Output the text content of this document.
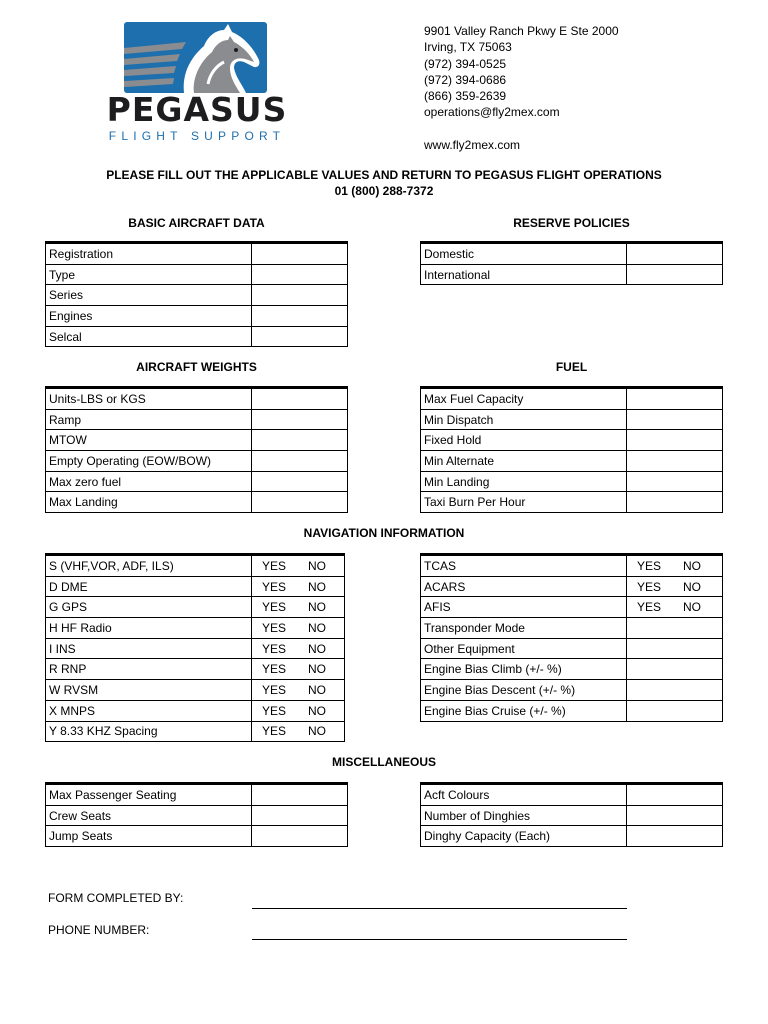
PEGASUS
FLIGHT SUPPORT
9901 Valley Ranch Pkwy E Ste 2000
Irving, TX 75063
(972) 394-0525
(972) 394-0686
(866) 359-2639
operations@fly2mex.com
www.fly2mex.com
PLEASE FILL OUT THE APPLICABLE VALUES AND RETURN TO PEGASUS FLIGHT OPERATIONS
01 (800) 288-7372
BASIC AIRCRAFT DATA	RESERVE POLICIES
AIRCRAFT WEIGHTS	FUEL
NAVIGATION INFORMATION
MISCELLANEOUS
Registration	
Type	
Series	
Engines	
Selcal	
Domestic	
International	
Units-LBS or KGS	
Ramp	
MTOW	
Empty Operating (EOW/BOW)	
Max zero fuel	
Max Landing	
Max Fuel Capacity	
Min Dispatch	
Fixed Hold	
Min Alternate	
Min Landing	
Taxi Burn Per Hour	
S (VHF,VOR, ADF, ILS)	YES NO
D DME	YES NO
G GPS	YES NO
H HF Radio	YES NO
I INS	YES NO
R RNP	YES NO
W RVSM	YES NO
X MNPS	YES NO
Y 8.33 KHZ Spacing	YES NO
TCAS	YES NO
ACARS	YES NO
AFIS	YES NO
Transponder Mode	
Other Equipment	
Engine Bias Climb (+/- %)	
Engine Bias Descent (+/- %)	
Engine Bias Cruise (+/- %)	
Max Passenger Seating	
Crew Seats	
Jump Seats	
Acft Colours	
Number of Dinghies	
Dinghy Capacity (Each)	
FORM COMPLETED BY:
PHONE NUMBER:
